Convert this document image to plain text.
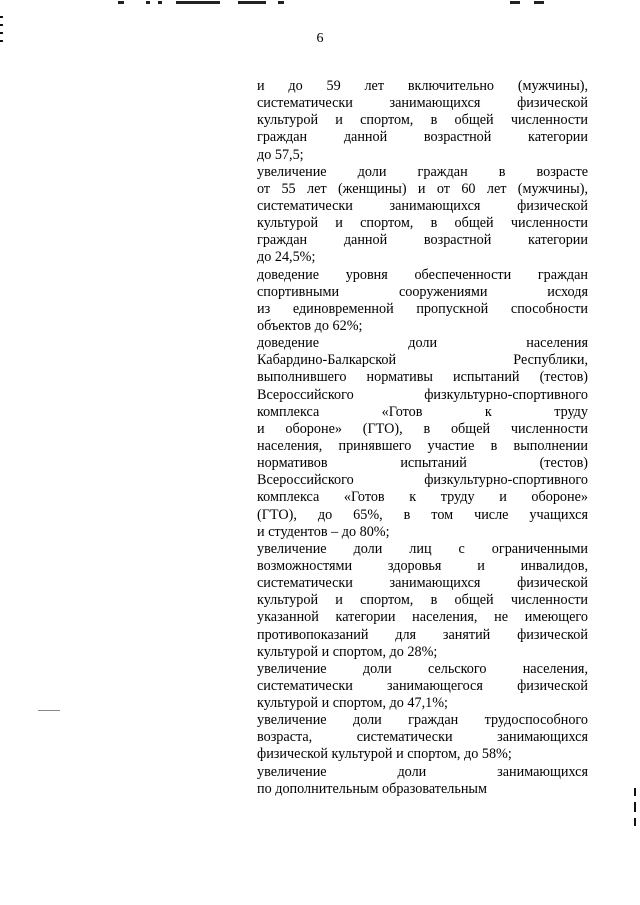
6
и до 59 лет включительно (мужчины),
систематически занимающихся физической
культурой и спортом, в общей численности
граждан данной возрастной категории
до 57,5;
увеличение доли граждан в возрасте
от 55 лет (женщины) и от 60 лет (мужчины),
систематически занимающихся физической
культурой и спортом, в общей численности
граждан данной возрастной категории
до 24,5%;
доведение уровня обеспеченности граждан
спортивными сооружениями исходя
из единовременной пропускной способности
объектов до 62%;
доведение доли населения
Кабардино-Балкарской Республики,
выполнившего нормативы испытаний (тестов)
Всероссийского физкультурно-спортивного
комплекса «Готов к труду
и обороне» (ГТО), в общей численности
населения, принявшего участие в выполнении
нормативов испытаний (тестов)
Всероссийского физкультурно-спортивного
комплекса «Готов к труду и обороне»
(ГТО), до 65%, в том числе учащихся
и студентов – до 80%;
увеличение доли лиц с ограниченными
возможностями здоровья и инвалидов,
систематически занимающихся физической
культурой и спортом, в общей численности
указанной категории населения, не имеющего
противопоказаний для занятий физической
культурой и спортом, до 28%;
увеличение доли сельского населения,
систематически занимающегося физической
культурой и спортом, до 47,1%;
увеличение доли граждан трудоспособного
возраста, систематически занимающихся
физической культурой и спортом, до 58%;
увеличение доли занимающихся
по дополнительным образовательным
